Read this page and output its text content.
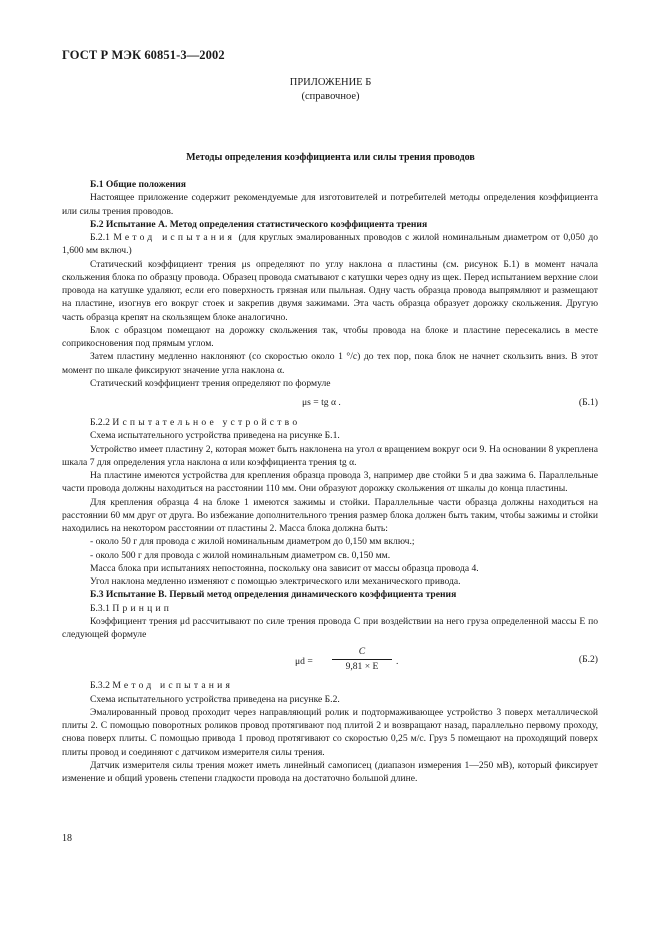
ГОСТ Р МЭК 60851-3—2002
ПРИЛОЖЕНИЕ Б
(справочное)
Методы определения коэффициента или силы трения проводов

Б.1 Общие положения

Настоящее приложение содержит рекомендуемые для изготовителей и потребителей методы определения коэффициента или силы трения проводов.

Б.2 Испытание А. Метод определения статистического коэффициента трения

Б.2.1 Метод испытания (для круглых эмалированных проводов с жилой номинальным диаметром от 0,050 до 1,600 мм включ.)

Статический коэффициент трения μs определяют по углу наклона α пластины (см. рисунок Б.1) в момент начала скольжения блока по образцу провода. Образец провода сматывают с катушки через одну из щек. Перед испытанием верхние слои провода на катушке удаляют, если его поверхность грязная или пыльная. Одну часть образца провода выпрямляют и размещают на пластине, изогнув его вокруг стоек и закрепив двумя зажимами. Эта часть образца образует дорожку скольжения. Другую часть образца крепят на скользящем блоке аналогично.

Блок с образцом помещают на дорожку скольжения так, чтобы провода на блоке и пластине пересекались в месте соприкосновения под прямым углом.

Затем пластину медленно наклоняют (со скоростью около 1 °/с) до тех пор, пока блок не начнет скользить вниз. В этот момент по шкале фиксируют значение угла наклона α.

Статический коэффициент трения определяют по формуле

μs = tg α .	(Б.1)

Б.2.2 Испытательное устройство

Схема испытательного устройства приведена на рисунке Б.1.

Устройство имеет пластину 2, которая может быть наклонена на угол α вращением вокруг оси 9. На основании 8 укреплена шкала 7 для определения угла наклона α или коэффициента трения tg α.

На пластине имеются устройства для крепления образца провода 3, например две стойки 5 и два зажима 6. Параллельные части провода должны находиться на расстоянии 110 мм. Они образуют дорожку скольжения от шкалы до конца пластины.

Для крепления образца 4 на блоке 1 имеются зажимы и стойки. Параллельные части образца должны находиться на расстоянии 60 мм друг от друга. Во избежание дополнительного трения размер блока должен быть таким, чтобы зажимы и стойки находились на некотором расстоянии от пластины 2. Масса блока должна быть:

- около 50 г для провода с жилой номинальным диаметром до 0,150 мм включ.;

- около 500 г для провода с жилой номинальным диаметром св. 0,150 мм.

Масса блока при испытаниях непостоянна, поскольку она зависит от массы образца провода 4.

Угол наклона медленно изменяют с помощью электрического или механического привода.

Б.3 Испытание В. Первый метод определения динамического коэффициента трения

Б.3.1 Принцип

Коэффициент трения μd рассчитывают по силе трения провода C при воздействии на него груза определенной массы E по следующей формуле

$\mu d = \frac{C}{9,81 \times E}$ .	(Б.2)

Б.3.2 Метод испытания

Схема испытательного устройства приведена на рисунке Б.2.

Эмалированный провод проходит через направляющий ролик и подтормаживающее устройство 3 поверх металлической плиты 2. С помощью поворотных роликов провод протягивают под плитой 2 и возвращают назад, параллельно первому проходу, снова поверх плиты. С помощью привода 1 провод протягивают со скоростью 0,25 м/с. Груз 5 помещают на проходящий поверх плиты провод и соединяют с датчиком измерителя силы трения.

Датчик измерителя силы трения может иметь линейный самописец (диапазон измерения 1—250 мВ), который фиксирует изменение и общий уровень степени гладкости провода на достаточно большой длине.

18
